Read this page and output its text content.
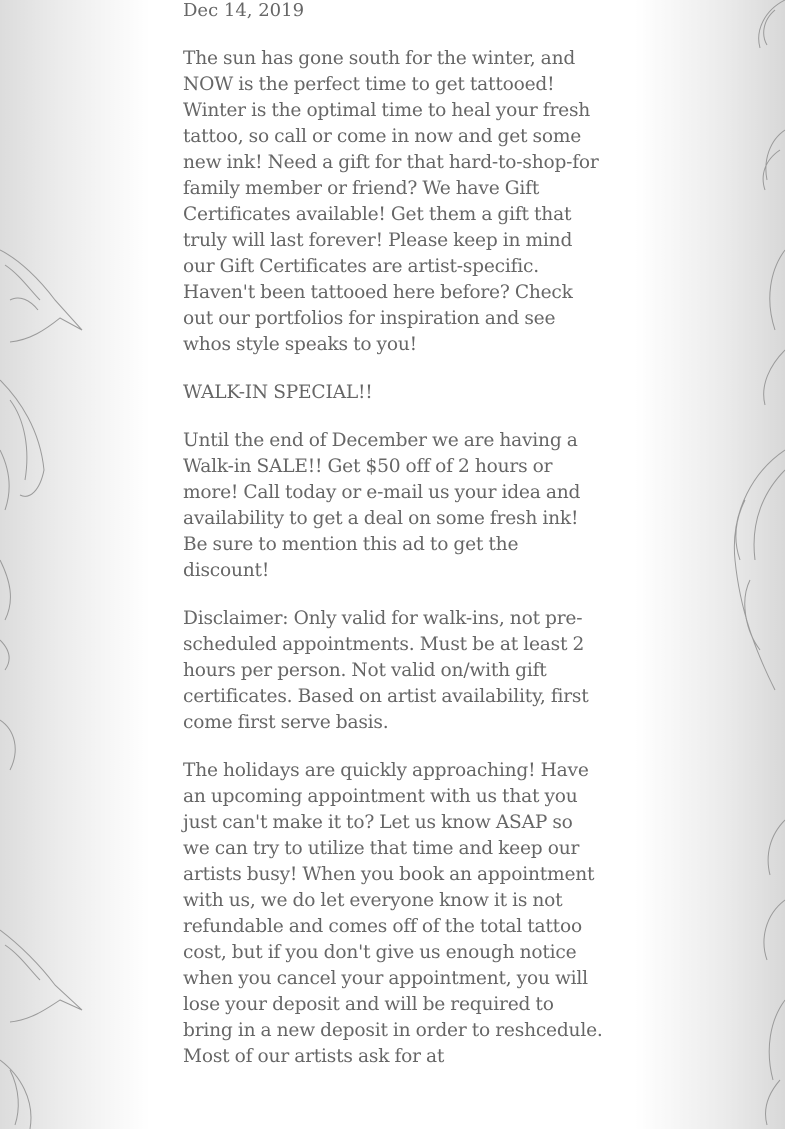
Dec 14, 2019

The sun has gone south for the winter, and NOW is the perfect time to get tattooed! Winter is the optimal time to heal your fresh tattoo, so call or come in now and get some new ink! Need a gift for that hard-to-shop-for family member or friend? We have Gift Certificates available! Get them a gift that truly will last forever! Please keep in mind our Gift Certificates are artist-specific. Haven't been tattooed here before? Check out our portfolios for inspiration and see whos style speaks to you!

WALK-IN SPECIAL!!

Until the end of December we are having a Walk-in SALE!! Get $50 off of 2 hours or more! Call today or e-mail us your idea and availability to get a deal on some fresh ink! Be sure to mention this ad to get the discount!

Disclaimer: Only valid for walk-ins, not pre-scheduled appointments. Must be at least 2 hours per person. Not valid on/with gift certificates. Based on artist availability, first come first serve basis.

The holidays are quickly approaching! Have an upcoming appointment with us that you just can't make it to? Let us know ASAP so we can try to utilize that time and keep our artists busy! When you book an appointment with us, we do let everyone know it is not refundable and comes off of the total tattoo cost, but if you don't give us enough notice when you cancel your appointment, you will lose your deposit and will be required to bring in a new deposit in order to reshcedule. Most of our artists ask for at
